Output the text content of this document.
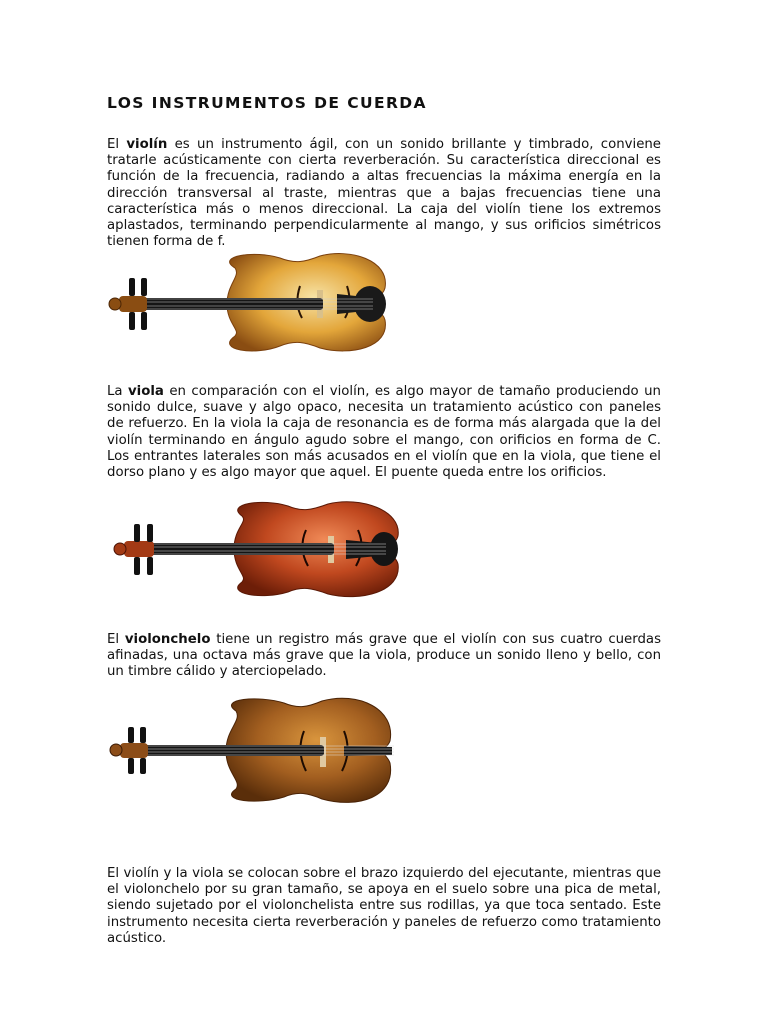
LOS INSTRUMENTOS DE CUERDA

El violín es un instrumento ágil, con un sonido brillante y timbrado, conviene tratarle acústicamente con cierta reverberación. Su característica direccional es función de la frecuencia, radiando a altas frecuencias la máxima energía en la dirección transversal al traste, mientras que a bajas frecuencias tiene una característica más o menos direccional. La caja del violín tiene los extremos aplastados, terminando perpendicularmente al mango, y sus orificios simétricos tienen forma de f.

La viola en comparación con el violín, es algo mayor de tamaño produciendo un sonido dulce, suave y algo opaco, necesita un tratamiento acústico con paneles de refuerzo. En la viola la caja de resonancia es de forma más alargada que la del violín terminando en ángulo agudo sobre el mango, con orificios en forma de C. Los entrantes laterales son más acusados en el violín que en la viola, que tiene el dorso plano y es algo mayor que aquel. El puente queda entre los orificios.

El violonchelo tiene un registro más grave que el violín con sus cuatro cuerdas afinadas, una octava más grave que la viola, produce un sonido lleno y bello, con un timbre cálido y aterciopelado.

El violín y la viola se colocan sobre el brazo izquierdo del ejecutante, mientras que el violonchelo por su gran tamaño, se apoya en el suelo sobre una pica de metal, siendo sujetado por el violonchelista entre sus rodillas, ya que toca sentado. Este instrumento necesita cierta reverberación y paneles de refuerzo como tratamiento acústico.
